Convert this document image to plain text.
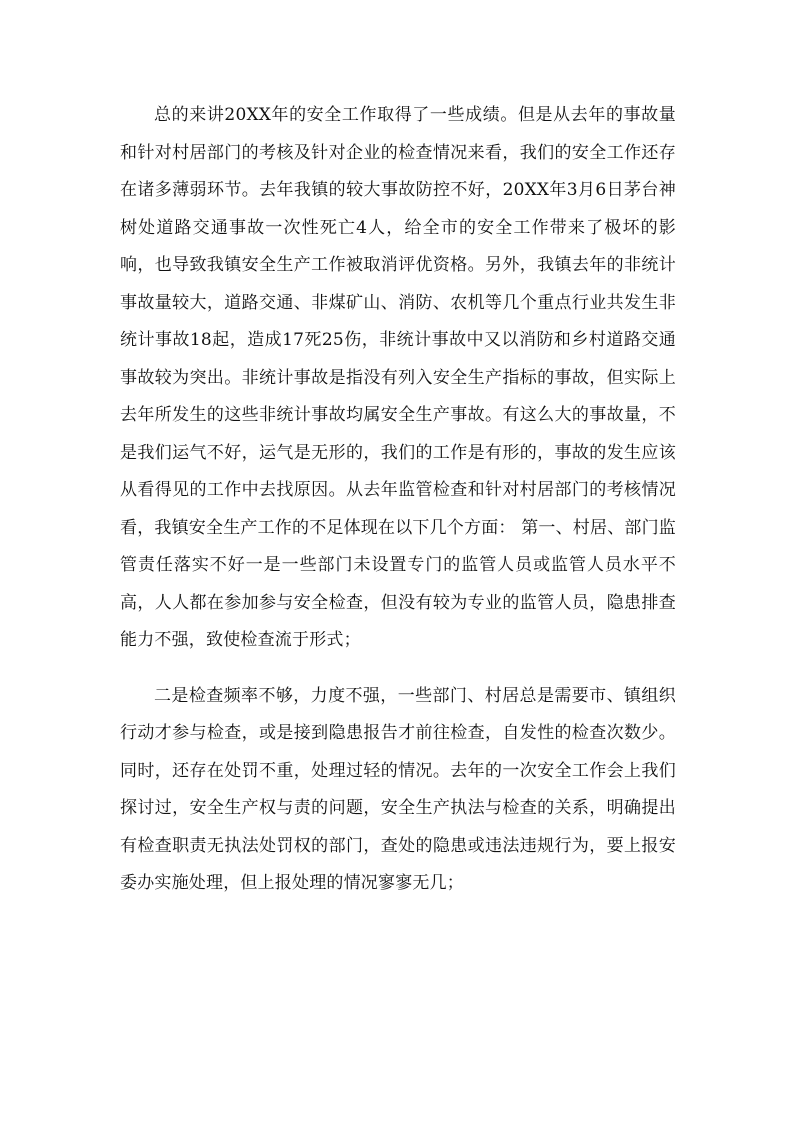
总的来讲20XX年的安全工作取得了一些成绩。但是从去年的事故量和针对村居部门的考核及针对企业的检查情况来看，我们的安全工作还存在诸多薄弱环节。去年我镇的较大事故防控不好，20XX年3月6日茅台神树处道路交通事故一次性死亡4人，给全市的安全工作带来了极坏的影响，也导致我镇安全生产工作被取消评优资格。另外，我镇去年的非统计事故量较大，道路交通、非煤矿山、消防、农机等几个重点行业共发生非统计事故18起，造成17死25伤，非统计事故中又以消防和乡村道路交通事故较为突出。非统计事故是指没有列入安全生产指标的事故，但实际上去年所发生的这些非统计事故均属安全生产事故。有这么大的事故量，不是我们运气不好，运气是无形的，我们的工作是有形的，事故的发生应该从看得见的工作中去找原因。从去年监管检查和针对村居部门的考核情况看，我镇安全生产工作的不足体现在以下几个方面： 第一、村居、部门监管责任落实不好一是一些部门未设置专门的监管人员或监管人员水平不高，人人都在参加参与安全检查，但没有较为专业的监管人员，隐患排查能力不强，致使检查流于形式；

二是检查频率不够，力度不强，一些部门、村居总是需要市、镇组织行动才参与检查，或是接到隐患报告才前往检查，自发性的检查次数少。同时，还存在处罚不重，处理过轻的情况。去年的一次安全工作会上我们探讨过，安全生产权与责的问题，安全生产执法与检查的关系，明确提出有检查职责无执法处罚权的部门，查处的隐患或违法违规行为，要上报安委办实施处理，但上报处理的情况寥寥无几；
